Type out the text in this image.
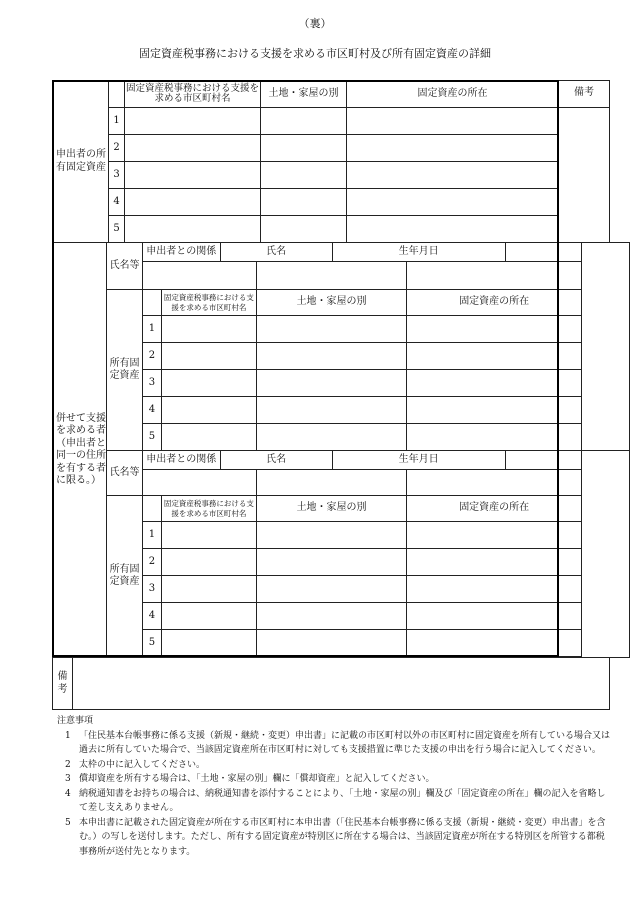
（裏）
固定資産税事務における支援を求める市区町村及び所有固定資産の詳細
申出者の所有固定資産		固定資産税事務における支援を求める市区町村名	土地・家屋の別	固定資産の所在	備考
	1				
	2				
	3				
	4				
	5				
併せて支援を求める者（申出者と同一の住所を有する者に限る。）	氏名等	申出者との関係		氏名		生年月日			

	所有固定資産		固定資産税事務における支援を求める市区町村名		土地・家屋の別		固定資産の所在		
		1							
		2							
		3							
		4							
		5							
	氏名等	申出者との関係		氏名		生年月日			

	所有固定資産		固定資産税事務における支援を求める市区町村名		土地・家屋の別		固定資産の所在		
		1							
		2							
		3							
		4							
		5							

備考	
注意事項
1 「住民基本台帳事務に係る支援（新規・継続・変更）申出書」に記載の市区町村以外の市区町村に固定資産を所有している場合又は過去に所有していた場合で、当該固定資産所在市区町村に対しても支援措置に準じた支援の申出を行う場合に記入してください。
2 太枠の中に記入してください。
3 償却資産を所有する場合は、「土地・家屋の別」欄に「償却資産」と記入してください。
4 納税通知書をお持ちの場合は、納税通知書を添付することにより、「土地・家屋の別」欄及び「固定資産の所在」欄の記入を省略して差し支えありません。
5 本申出書に記載された固定資産が所在する市区町村に本申出書（「住民基本台帳事務に係る支援（新規・継続・変更）申出書」を含む。）の写しを送付します。ただし、所有する固定資産が特別区に所在する場合は、当該固定資産が所在する特別区を所管する都税事務所が送付先となります。
